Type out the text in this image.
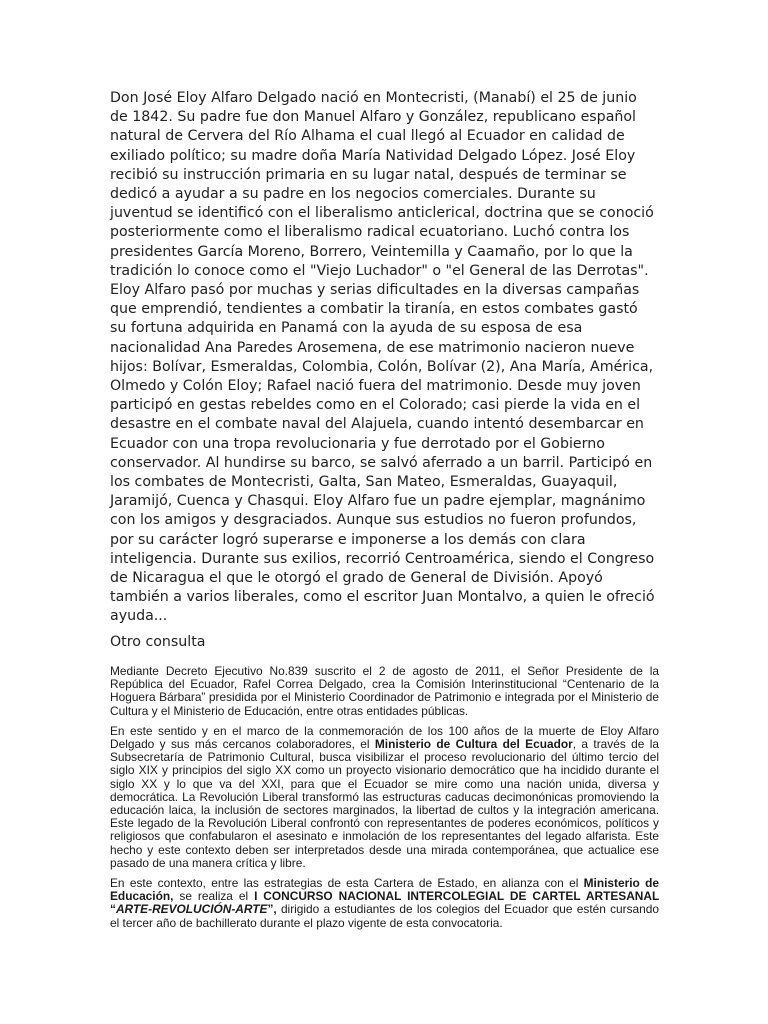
Don José Eloy Alfaro Delgado nació en Montecristi, (Manabí) el 25 de junio de 1842. Su padre fue don Manuel Alfaro y González, republicano español natural de Cervera del Río Alhama el cual llegó al Ecuador en calidad de exiliado político; su madre doña María Natividad Delgado López. José Eloy recibió su instrucción primaria en su lugar natal, después de terminar se dedicó a ayudar a su padre en los negocios comerciales. Durante su juventud se identificó con el liberalismo anticlerical, doctrina que se conoció posteriormente como el liberalismo radical ecuatoriano. Luchó contra los presidentes García Moreno, Borrero, Veintemilla y Caamaño, por lo que la tradición lo conoce como el "Viejo Luchador" o "el General de las Derrotas". Eloy Alfaro pasó por muchas y serias dificultades en la diversas campañas que emprendió, tendientes a combatir la tiranía, en estos combates gastó su fortuna adquirida en Panamá con la ayuda de su esposa de esa nacionalidad Ana Paredes Arosemena, de ese matrimonio nacieron nueve hijos: Bolívar, Esmeraldas, Colombia, Colón, Bolívar (2), Ana María, América, Olmedo y Colón Eloy; Rafael nació fuera del matrimonio. Desde muy joven participó en gestas rebeldes como en el Colorado; casi pierde la vida en el desastre en el combate naval del Alajuela, cuando intentó desembarcar en Ecuador con una tropa revolucionaria y fue derrotado por el Gobierno conservador. Al hundirse su barco, se salvó aferrado a un barril. Participó en los combates de Montecristi, Galta, San Mateo, Esmeraldas, Guayaquil, Jaramijó, Cuenca y Chasqui. Eloy Alfaro fue un padre ejemplar, magnánimo con los amigos y desgraciados. Aunque sus estudios no fueron profundos, por su carácter logró superarse e imponerse a los demás con clara inteligencia. Durante sus exilios, recorrió Centroamérica, siendo el Congreso de Nicaragua el que le otorgó el grado de General de División. Apoyó también a varios liberales, como el escritor Juan Montalvo, a quien le ofreció ayuda...

Otro consulta

Mediante Decreto Ejecutivo No.839 suscrito el 2 de agosto de 2011, el Señor Presidente de la República del Ecuador, Rafel Correa Delgado, crea la Comisión Interinstitucional “Centenario de la Hoguera Bárbara” presidida por el Ministerio Coordinador de Patrimonio e integrada por el Ministerio de Cultura y el Ministerio de Educación, entre otras entidades públicas.

En este sentido y en el marco de la conmemoración de los 100 años de la muerte de Eloy Alfaro Delgado y sus más cercanos colaboradores, el Ministerio de Cultura del Ecuador, a través de la Subsecretaría de Patrimonio Cultural, busca visibilizar el proceso revolucionario del último tercio del siglo XIX y principios del siglo XX como un proyecto visionario democrático que ha incidido durante el siglo XX y lo que va del XXI, para que el Ecuador se mire como una nación unida, diversa y democrática. La Revolución Liberal transformó las estructuras caducas decimonónicas promoviendo la educación laica, la inclusión de sectores marginados, la libertad de cultos y la integración americana. Este legado de la Revolución Liberal confrontó con representantes de poderes económicos, políticos y religiosos que confabularon el asesinato e inmolación de los representantes del legado alfarista. Este hecho y este contexto deben ser interpretados desde una mirada contemporánea, que actualice ese pasado de una manera crítica y libre.

En este contexto, entre las estrategias de esta Cartera de Estado, en alianza con el Ministerio de Educación, se realiza el I CONCURSO NACIONAL INTERCOLEGIAL DE CARTEL ARTESANAL “ARTE-REVOLUCIÓN-ARTE”, dirigido a estudiantes de los colegios del Ecuador que estén cursando el tercer año de bachillerato durante el plazo vigente de esta convocatoria.
